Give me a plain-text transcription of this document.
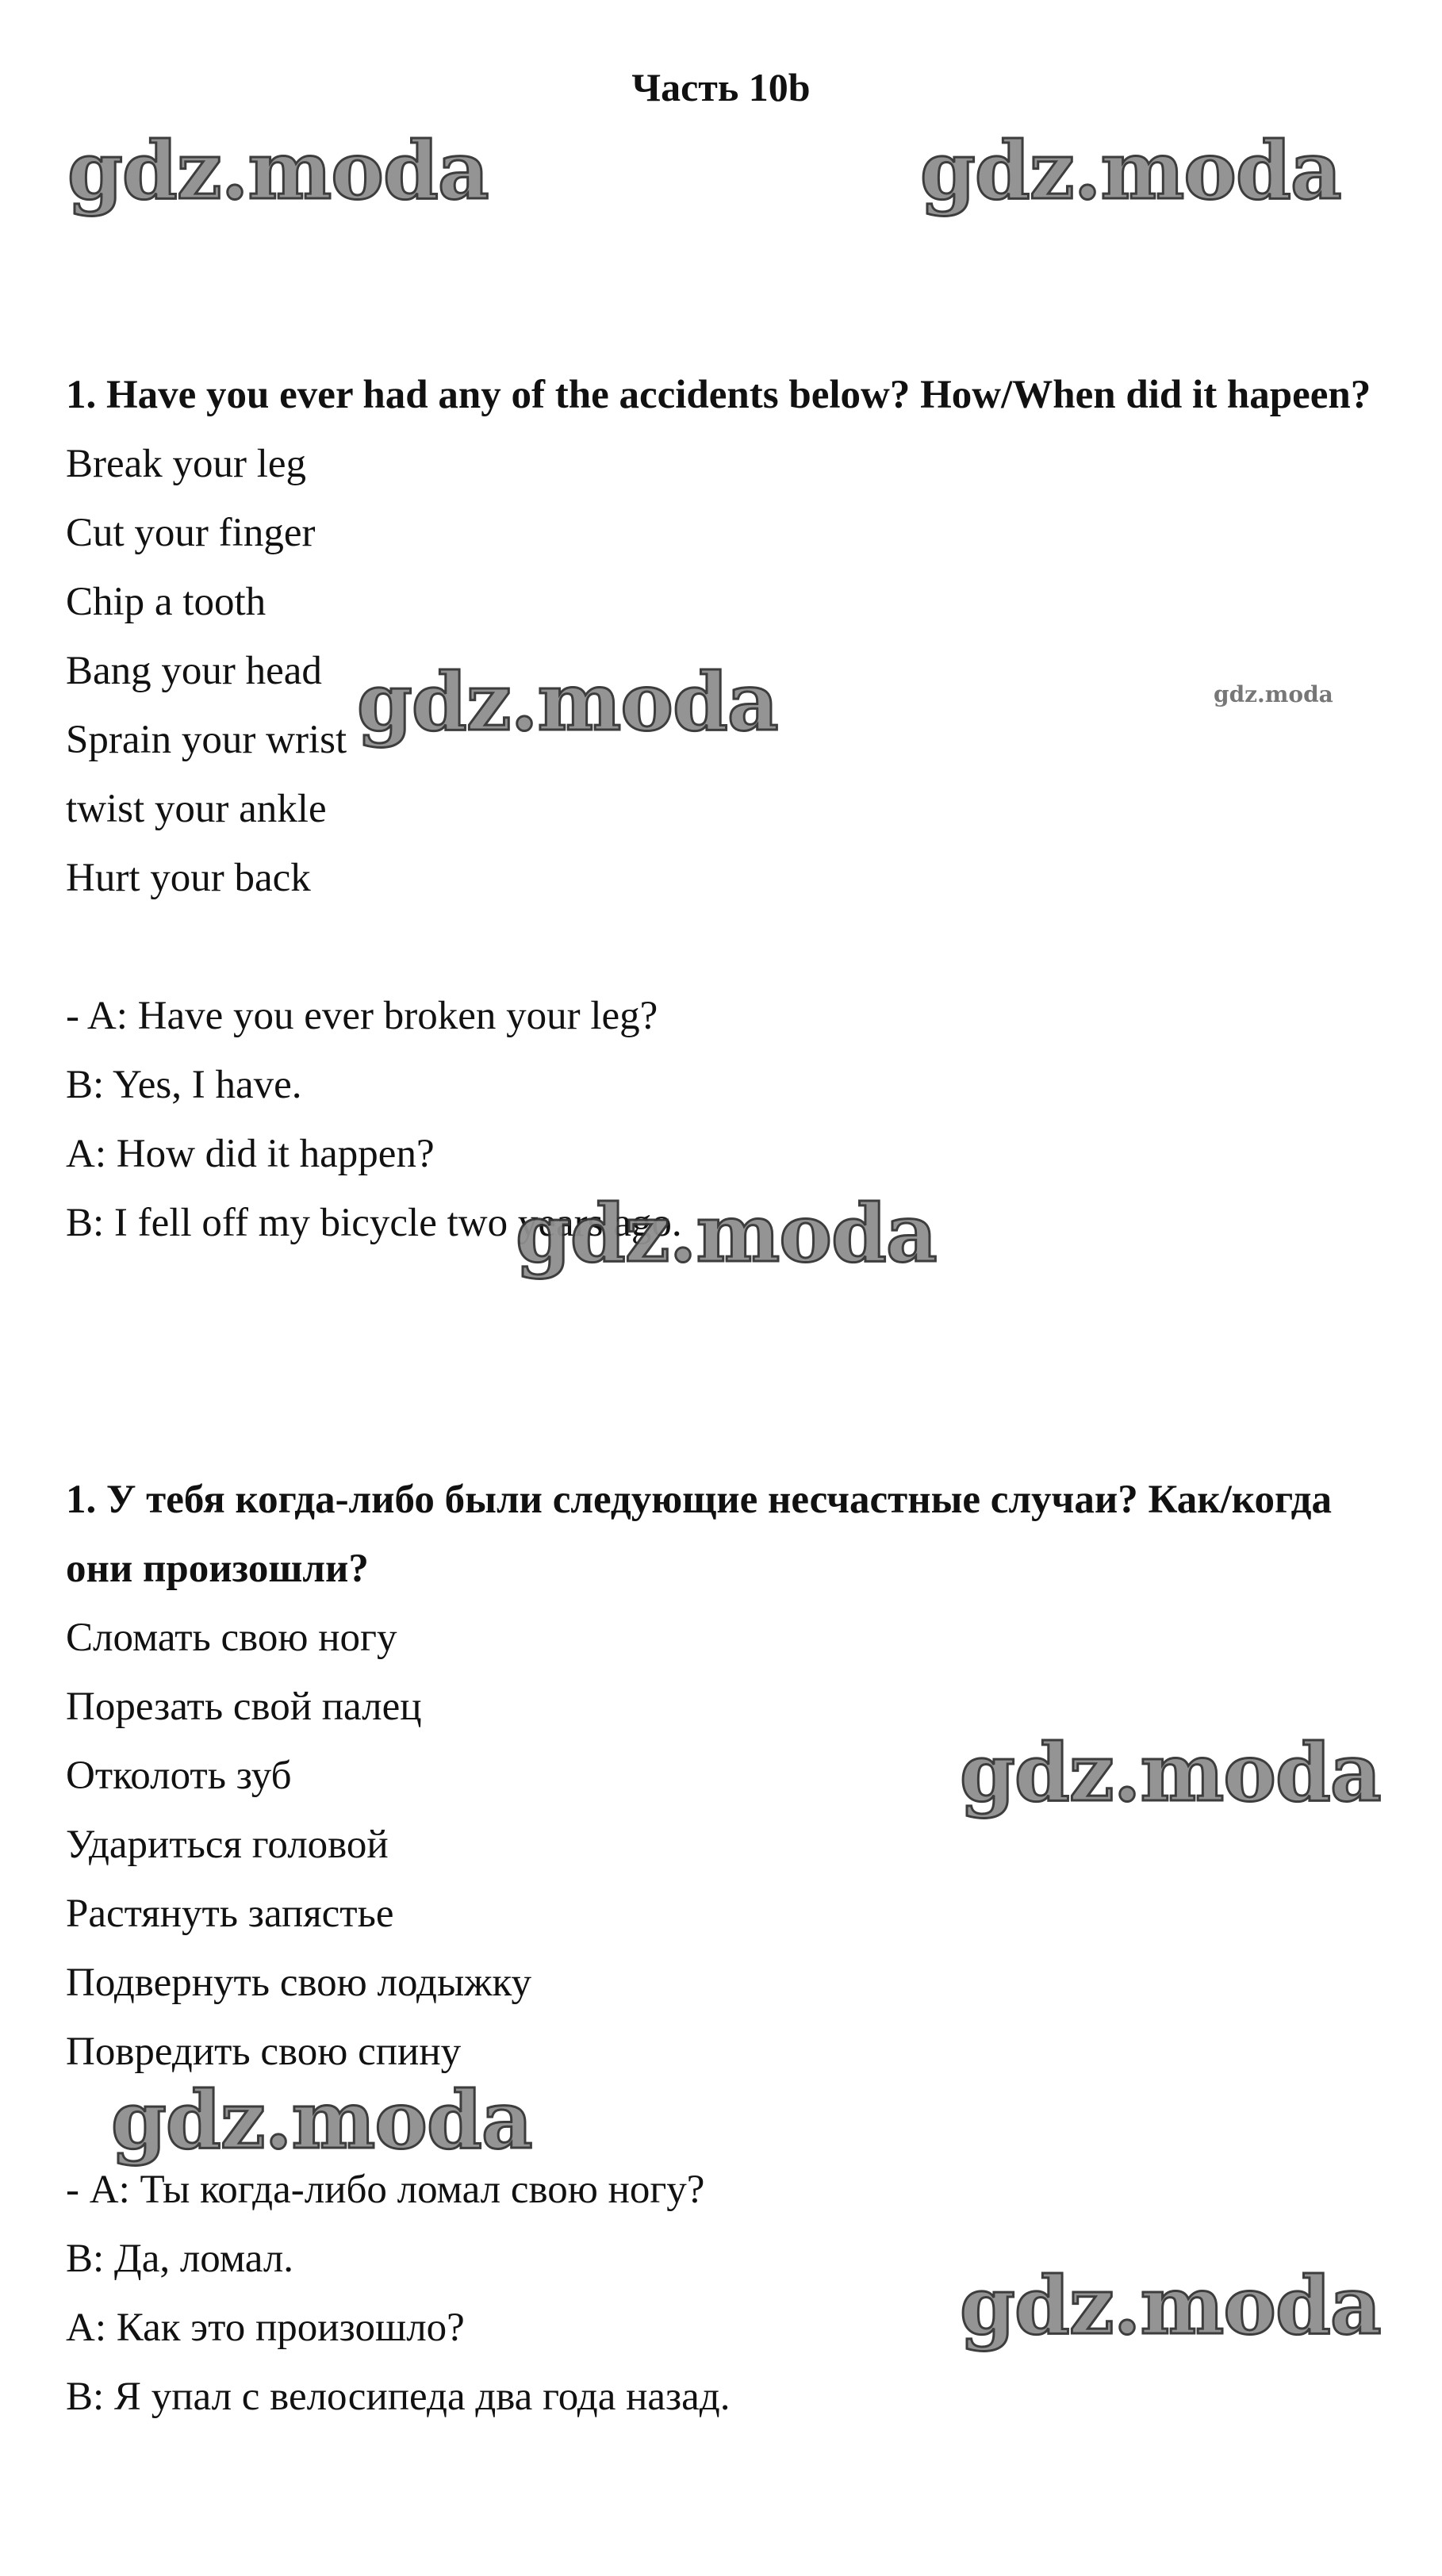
Часть 10b
1. Have you ever had any of the accidents below? How/When did it hapeen?
Break your leg
Cut your finger
Chip a tooth
Bang your head
Sprain your wrist
twist your ankle
Hurt your back
- A: Have you ever broken your leg?
B: Yes, I have.
A: How did it happen?
B: I fell off my bicycle two years ago.
1. У тебя когда-либо были следующие несчастные случаи? Как/когда они произошли?
Сломать свою ногу
Порезать свой палец
Отколоть зуб
Удариться головой
Растянуть запястье
Подвернуть свою лодыжку
Повредить свою спину
- А: Ты когда-либо ломал свою ногу?
В: Да, ломал.
А: Как это произошло?
В: Я упал с велосипеда два года назад.
gdz.moda	gdz.moda
gdz.moda	gdz.moda
gdz.moda
gdz.moda
gdz.moda
gdz.moda
